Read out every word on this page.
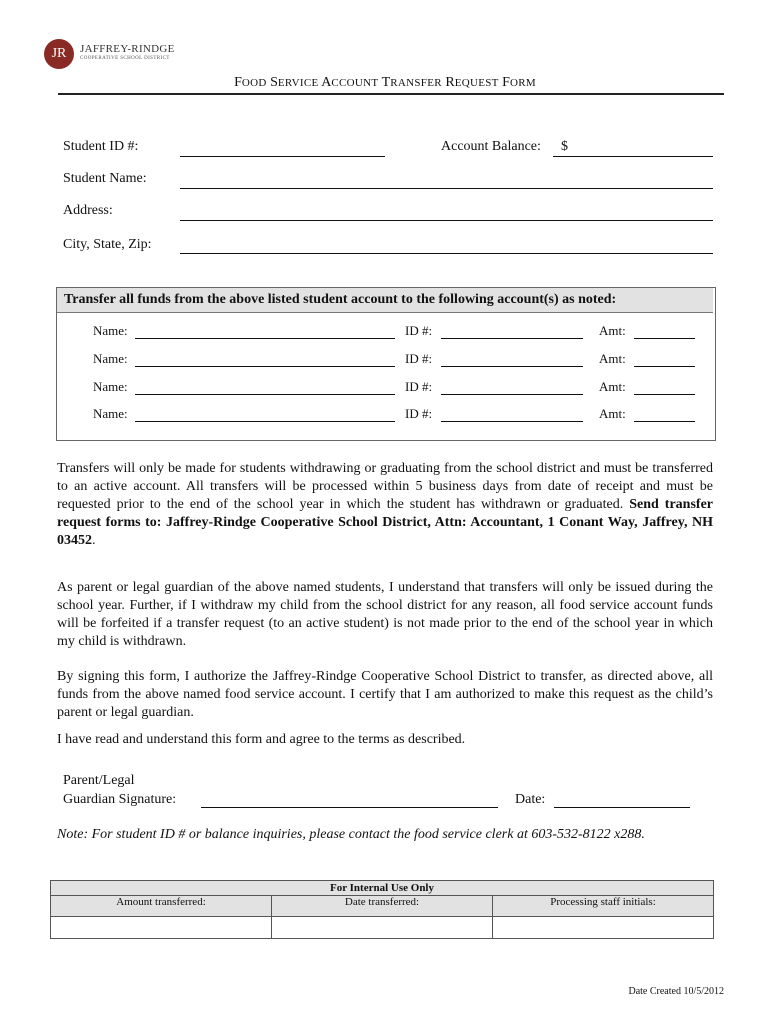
JR	JAFFREY-RINDGE
COOPERATIVE SCHOOL DISTRICT
FOOD SERVICE ACCOUNT TRANSFER REQUEST FORM
Student ID #:	Account Balance: $
Student Name:
Address:
City, State, Zip:
Transfer all funds from the above listed student account to the following account(s) as noted:
Name:	ID #:	Amt:
Name:	ID #:	Amt:
Name:	ID #:	Amt:
Name:	ID #:	Amt:
Transfers will only be made for students withdrawing or graduating from the school district and must be transferred to an active account. All transfers will be processed within 5 business days from date of receipt and must be requested prior to the end of the school year in which the student has withdrawn or graduated. Send transfer request forms to: Jaffrey-Rindge Cooperative School District, Attn: Accountant, 1 Conant Way, Jaffrey, NH 03452.
As parent or legal guardian of the above named students, I understand that transfers will only be issued during the school year. Further, if I withdraw my child from the school district for any reason, all food service account funds will be forfeited if a transfer request (to an active student) is not made prior to the end of the school year in which my child is withdrawn.
By signing this form, I authorize the Jaffrey-Rindge Cooperative School District to transfer, as directed above, all funds from the above named food service account. I certify that I am authorized to make this request as the child’s parent or legal guardian.
I have read and understand this form and agree to the terms as described.
Parent/Legal
Guardian Signature:	Date:
Note: For student ID # or balance inquiries, please contact the food service clerk at 603-532-8122 x288.
For Internal Use Only		
Amount transferred:	Date transferred:	Processing staff initials:

Date Created 10/5/2012
